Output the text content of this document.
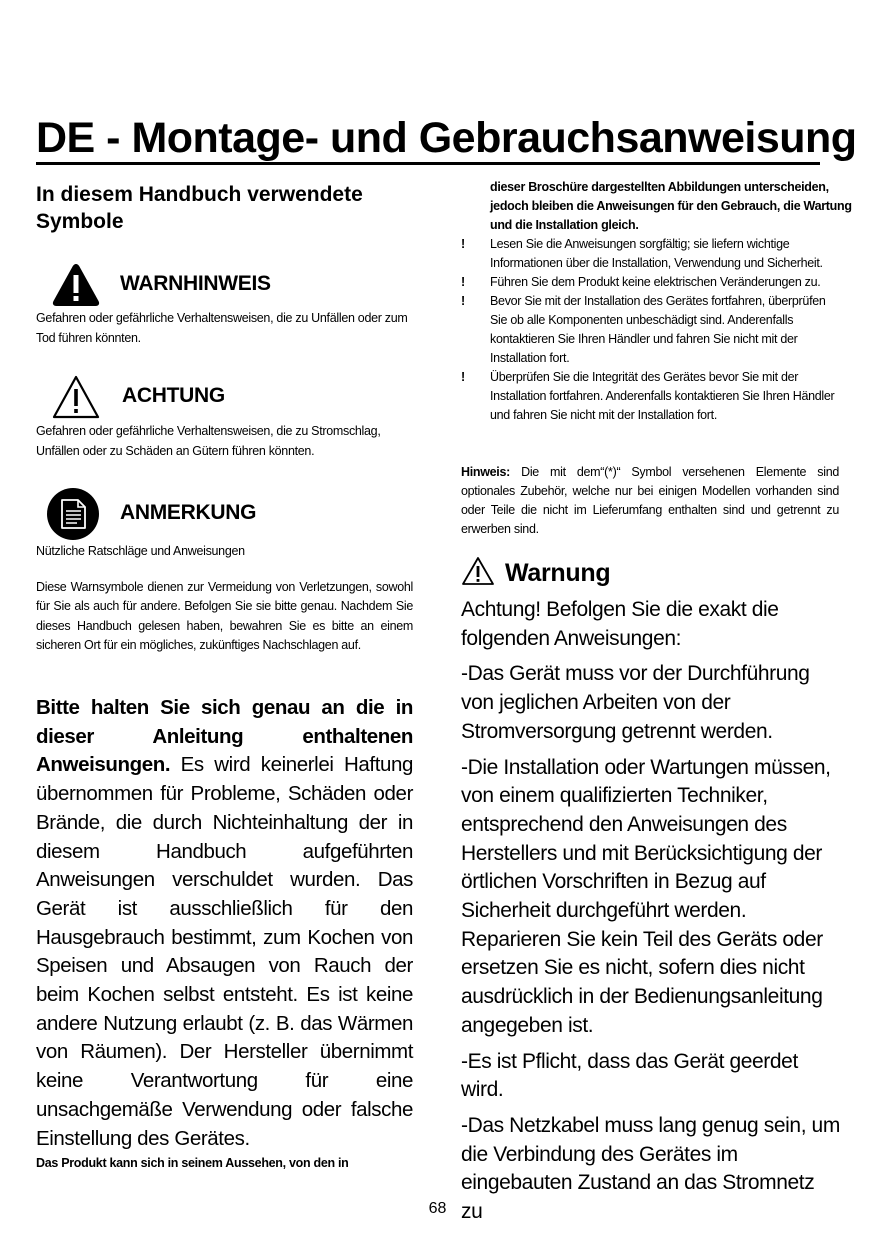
DE - Montage- und Gebrauchsanweisung
In diesem Handbuch verwendete
Symbole
WARNHINWEIS
Gefahren oder gefährliche Verhaltensweisen, die zu Unfällen oder zum Tod führen könnten.
ACHTUNG
Gefahren oder gefährliche Verhaltensweisen, die zu Stromschlag, Unfällen oder zu Schäden an Gütern führen könnten.
ANMERKUNG
Nützliche Ratschläge und Anweisungen
Diese Warnsymbole dienen zur Vermeidung von Verletzungen, sowohl für Sie als auch für andere. Befolgen Sie sie bitte genau. Nachdem Sie dieses Handbuch gelesen haben, bewahren Sie es bitte an einem sicheren Ort für ein mögliches, zukünftiges Nachschlagen auf.
Bitte halten Sie sich genau an die in dieser Anleitung enthaltenen Anweisungen. Es wird keinerlei Haftung übernommen für Probleme, Schäden oder Brände, die durch Nichteinhaltung der in diesem Handbuch aufgeführten Anweisungen verschuldet wurden. Das Gerät ist ausschließlich für den Hausgebrauch bestimmt, zum Kochen von Speisen und Absaugen von Rauch der beim Kochen selbst entsteht. Es ist keine andere Nutzung erlaubt (z. B. das Wärmen von Räumen). Der Hersteller übernimmt keine Verantwortung für eine unsachgemäße Verwendung oder falsche Einstellung des Gerätes.
Das Produkt kann sich in seinem Aussehen, von den in
dieser Broschüre dargestellten Abbildungen unterscheiden, jedoch bleiben die Anweisungen für den Gebrauch, die Wartung und die Installation gleich.
!	Lesen Sie die Anweisungen sorgfältig; sie liefern wichtige Informationen über die Installation, Verwendung und Sicherheit.
!	Führen Sie dem Produkt keine elektrischen Veränderungen zu.
!	Bevor Sie mit der Installation des Gerätes fortfahren, überprüfen Sie ob alle Komponenten unbeschädigt sind. Anderenfalls kontaktieren Sie Ihren Händler und fahren Sie nicht mit der Installation fort.
!	Überprüfen Sie die Integrität des Gerätes bevor Sie mit der Installation fortfahren. Anderenfalls kontaktieren Sie Ihren Händler und fahren Sie nicht mit der Installation fort.
Hinweis: Die mit dem“(*)“ Symbol versehenen Elemente sind optionales Zubehör, welche nur bei einigen Modellen vorhanden sind oder Teile die nicht im Lieferumfang enthalten sind und getrennt zu erwerben sind.
Warnung

Achtung! Befolgen Sie die exakt die folgenden Anweisungen:

-Das Gerät muss vor der Durchführung von jeglichen Arbeiten von der Stromversorgung getrennt werden.

-Die Installation oder Wartungen müssen, von einem qualifizierten Techniker, entsprechend den Anweisungen des Herstellers und mit Berücksichtigung der örtlichen Vorschriften in Bezug auf Sicherheit durchgeführt werden. Reparieren Sie kein Teil des Geräts oder ersetzen Sie es nicht, sofern dies nicht ausdrücklich in der Bedienungsanleitung angegeben ist.

-Es ist Pflicht, dass das Gerät geerdet wird.

-Das Netzkabel muss lang genug sein, um die Verbindung des Gerätes im eingebauten Zustand an das Stromnetz zu

68
